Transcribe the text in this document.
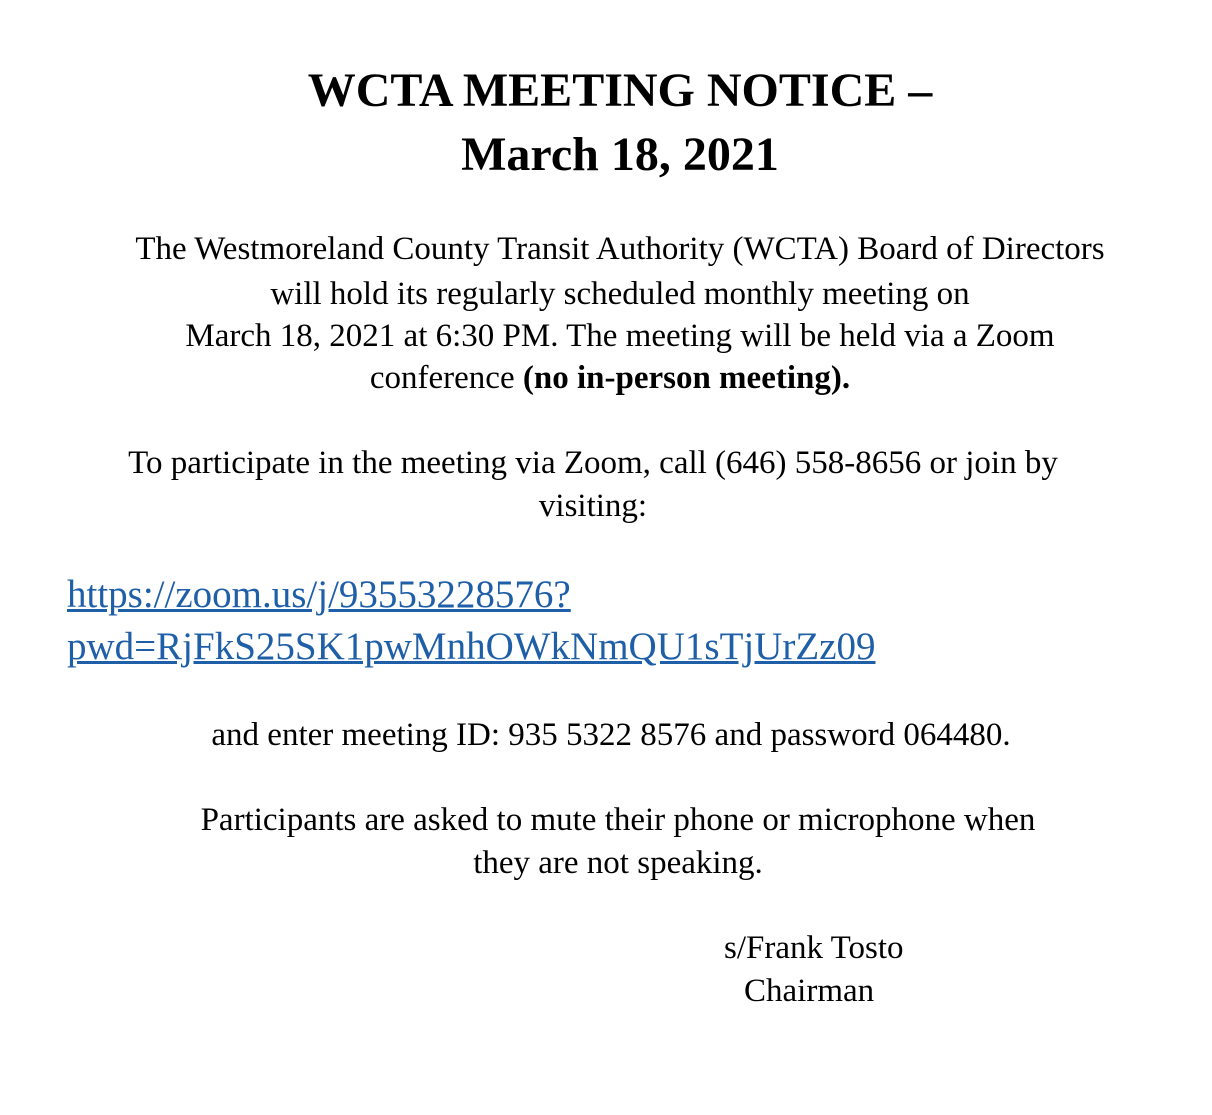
WCTA MEETING NOTICE –
March 18, 2021
The Westmoreland County Transit Authority (WCTA) Board of Directors
will hold its regularly scheduled monthly meeting on
March 18, 2021 at 6:30 PM. The meeting will be held via a Zoom
conference (no in-person meeting).
To participate in the meeting via Zoom, call (646) 558-8656 or join by
visiting:
https://zoom.us/j/93553228576?
pwd=RjFkS25SK1pwMnhOWkNmQU1sTjUrZz09
and enter meeting ID: 935 5322 8576 and password 064480.
Participants are asked to mute their phone or microphone when
they are not speaking.
s/Frank Tosto
Chairman
